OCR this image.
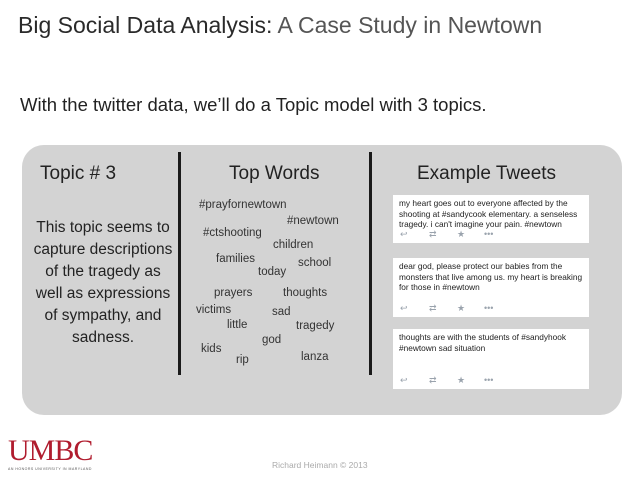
Big Social Data Analysis: A Case Study in Newtown
With the twitter data, we’ll do a Topic model with 3 topics.
Topic # 3	Top Words	Example Tweets
This topic seems to capture descriptions of the tragedy as well as expressions of sympathy, and sadness.
#prayfornewtown
#newtown
#ctshooting
children
families	school
today
prayers	thoughts
victims	sad
little	tragedy
god
kids
rip	lanza
my heart goes out to everyone affected by the shooting at #sandycook elementary. a senseless tragedy. i can't imagine your pain. #newtown
↩ ⇄ ★ •••
dear god, please protect our babies from the monsters that live among us. my heart is breaking for those in #newtown
↩ ⇄ ★ •••
thoughts are with the students of #sandyhook #newtown sad situation
↩ ⇄ ★ •••
UMBC
AN HONORS UNIVERSITY IN MARYLAND	Richard Heimann © 2013
